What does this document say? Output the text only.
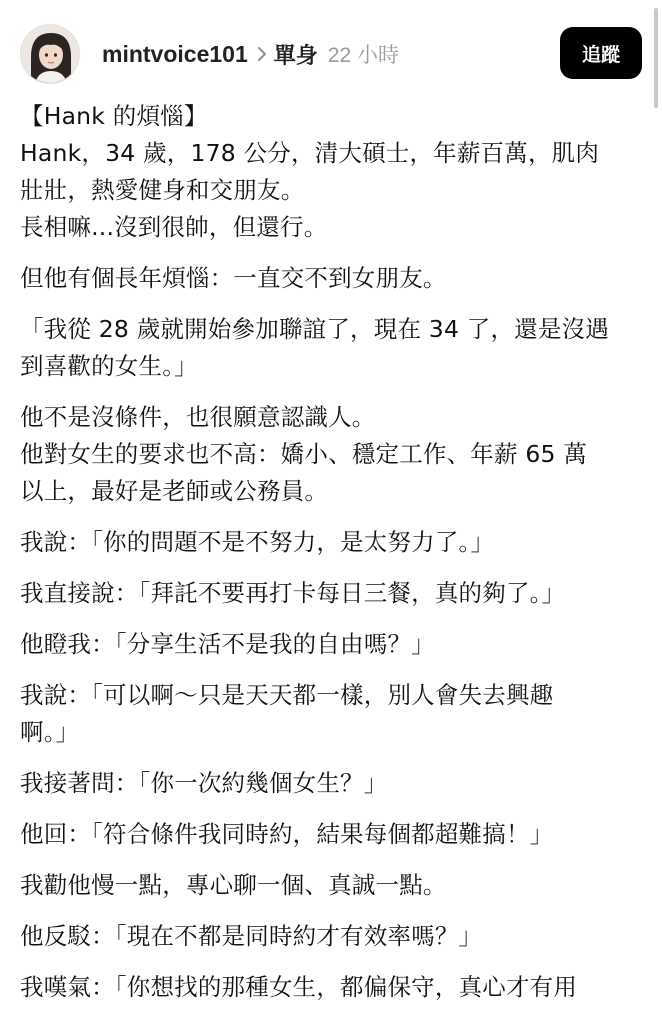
mintvoice101 單身 22 小時	追蹤

【Hank 的煩惱】
Hank，34 歲，178 公分，清大碩士，年薪百萬，肌肉
壯壯，熱愛健身和交朋友。
長相嘛...沒到很帥，但還行。

但他有個長年煩惱：一直交不到女朋友。

「我從 28 歲就開始參加聯誼了，現在 34 了，還是沒遇
到喜歡的女生。」

他不是沒條件，也很願意認識人。
他對女生的要求也不高：嬌小、穩定工作、年薪 65 萬
以上，最好是老師或公務員。

我說：「你的問題不是不努力，是太努力了。」

我直接說：「拜託不要再打卡每日三餐，真的夠了。」

他瞪我：「分享生活不是我的自由嗎？」

我說：「可以啊～只是天天都一樣，別人會失去興趣
啊。」

我接著問：「你一次約幾個女生？」

他回：「符合條件我同時約，結果每個都超難搞！」

我勸他慢一點，專心聊一個、真誠一點。

他反駁：「現在不都是同時約才有效率嗎？」

我嘆氣：「你想找的那種女生，都偏保守，真心才有用
